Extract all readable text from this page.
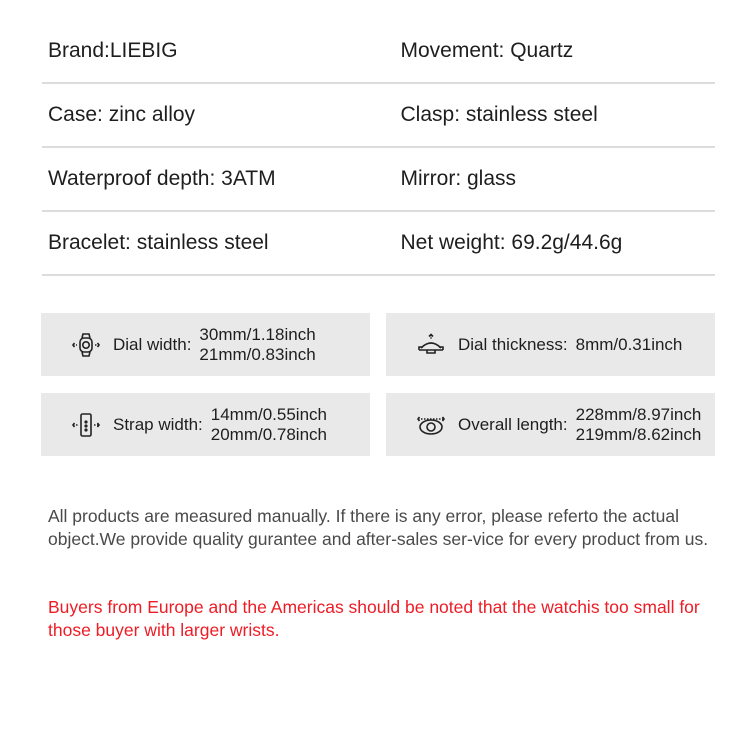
Brand:LIEBIG	Movement: Quartz
Case: zinc alloy	Clasp: stainless steel
Waterproof depth: 3ATM	Mirror: glass
Bracelet: stainless steel	Net weight: 69.2g/44.6g
Dial width:
30mm/1.18inch
21mm/0.83inch
Dial thickness: 8mm/0.31inch
Strap width:
14mm/0.55inch
20mm/0.78inch
Overall length:
228mm/8.97inch
219mm/8.62inch
All products are measured manually. If there is any error, please referto the actual object.We provide quality gurantee and after-sales ser-vice for every product from us.
Buyers from Europe and the Americas should be noted that the watchis too small for those buyer with larger wrists.
